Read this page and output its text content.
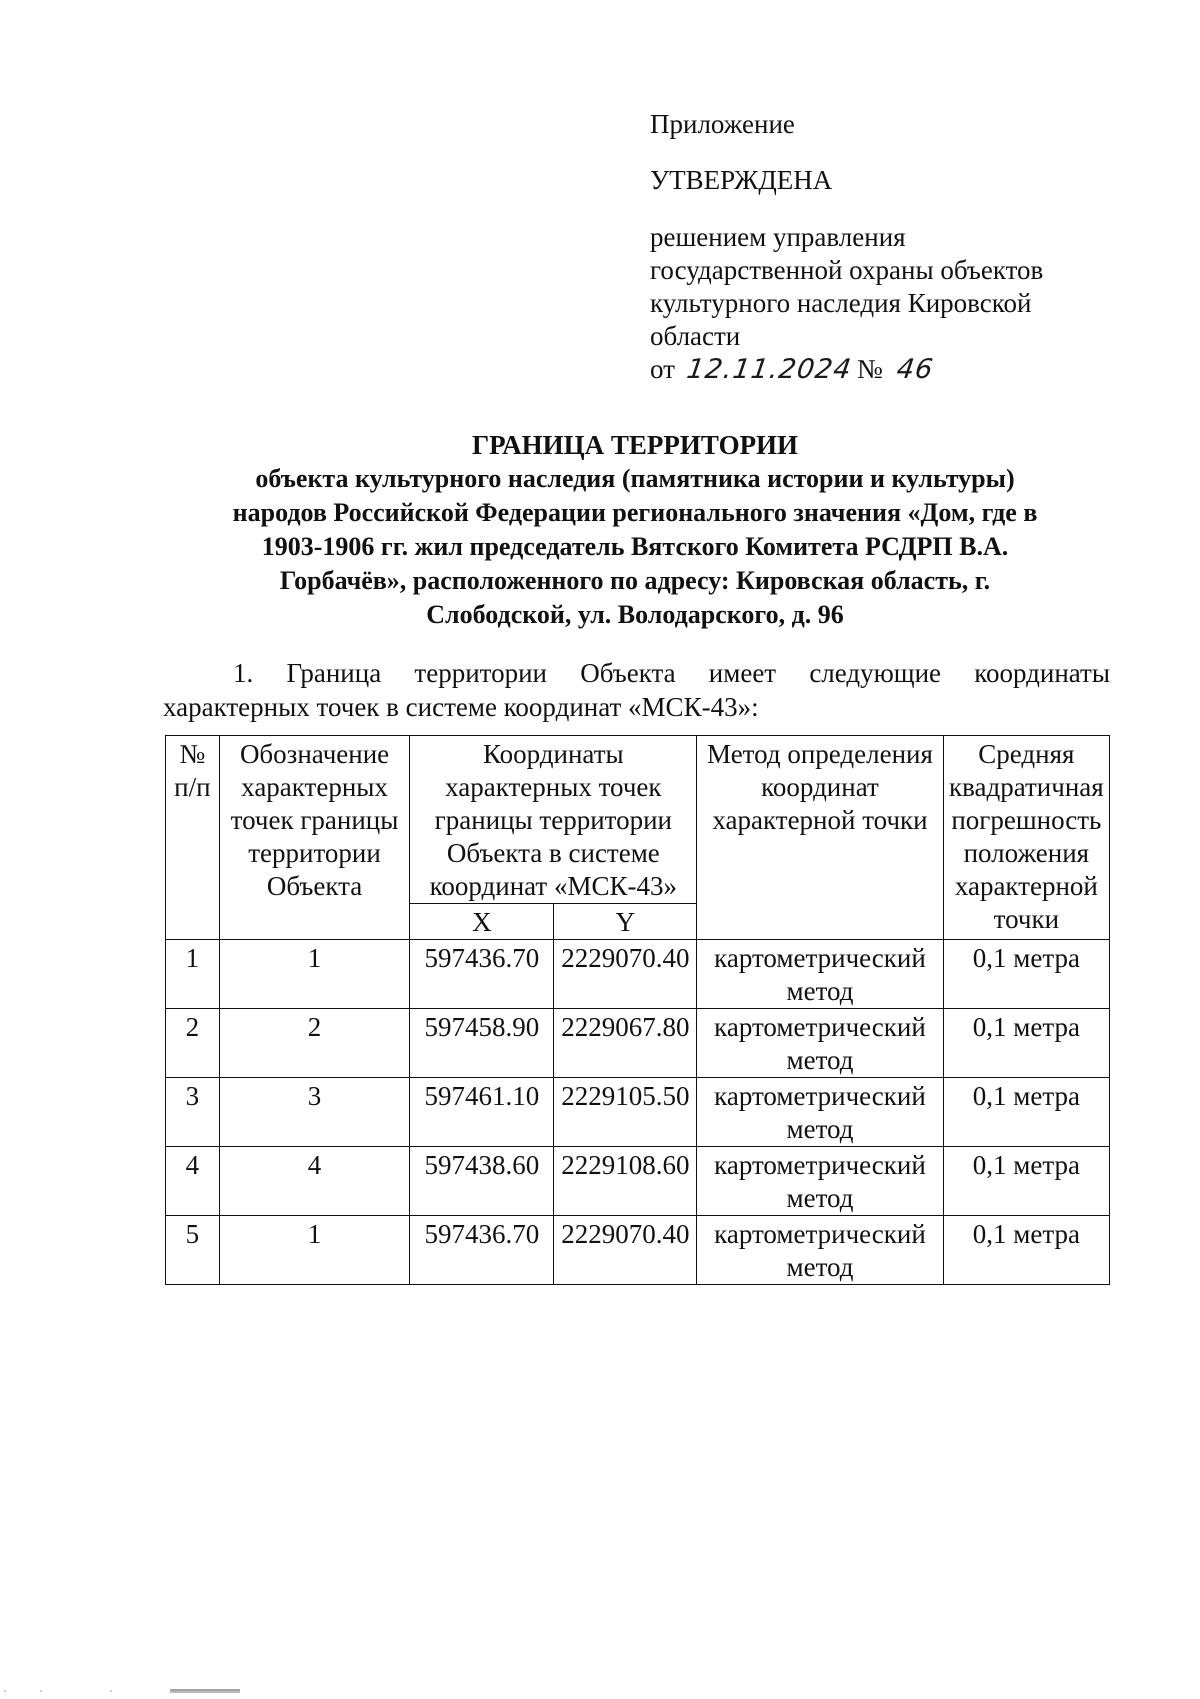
Приложение
УТВЕРЖДЕНА
решением управления
государственной охраны объектов
культурного наследия Кировской
области
от 12.11.2024 № 46
ГРАНИЦА ТЕРРИТОРИИ
объекта культурного наследия (памятника истории и культуры)
народов Российской Федерации регионального значения «Дом, где в
1903-1906 гг. жил председатель Вятского Комитета РСДРП В.А.
Горбачёв», расположенного по адресу: Кировская область, г.
Слободской, ул. Володарского, д. 96
1. Граница территории Объекта имеет следующие координаты
характерных точек в системе координат «МСК-43»:
№ п/п	Обозначение характерных точек границы территории Объекта	Координаты характерных точек границы территории Объекта в системе координат «МСК-43»		Метод определения координат характерной точки	Средняя квадратичная погрешность положения характерной точки
		X	Y		
1	1	597436.70	2229070.40	картометрический метод	0,1 метра
2	2	597458.90	2229067.80	картометрический метод	0,1 метра
3	3	597461.10	2229105.50	картометрический метод	0,1 метра
4	4	597438.60	2229108.60	картометрический метод	0,1 метра
5	1	597436.70	2229070.40	картометрический метод	0,1 метра
